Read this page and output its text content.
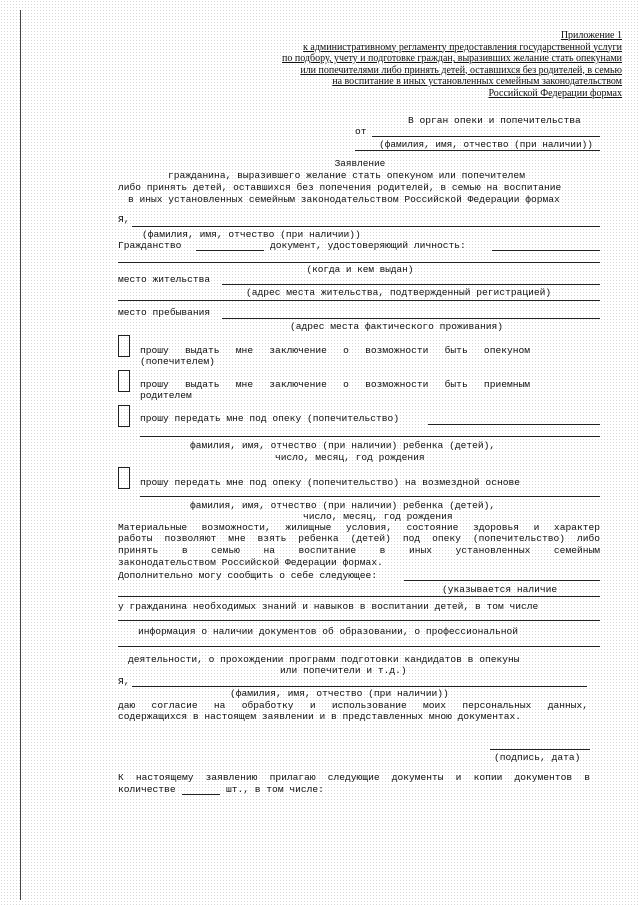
Приложение 1
к административному регламенту предоставления государственной услуги
по подбору, учету и подготовке граждан, выразивших желание стать опекунами
или попечителями либо принять детей, оставшихся без родителей, в семью
на воспитание в иных установленных семейным законодательством
Российской Федерации формах
В орган опеки и попечительства
от
(фамилия, имя, отчество (при наличии))
Заявление
гражданина, выразившего желание стать опекуном или попечителем
либо принять детей, оставшихся без попечения родителей, в семью на воспитание
в иных установленных семейным законодательством Российской Федерации формах
Я,
(фамилия, имя, отчество (при наличии))
Гражданство	документ, удостоверяющий личность:
(когда и кем выдан)
место жительства
(адрес места жительства, подтвержденный регистрацией)
место пребывания
(адрес места фактического проживания)
прошу выдать мне заключение о возможности быть опекуном
(попечителем)
прошу выдать мне заключение о возможности быть приемным
родителем
прошу передать мне под опеку (попечительство)
фамилия, имя, отчество (при наличии) ребенка (детей),
число, месяц, год рождения
прошу передать мне под опеку (попечительство) на возмездной основе
фамилия, имя, отчество (при наличии) ребенка (детей),
число, месяц, год рождения
Материальные возможности, жилищные условия, состояние здоровья и характер
работы позволяют мне взять ребенка (детей) под опеку (попечительство) либо
принять в семью на воспитание в иных установленных семейным
законодательством Российской Федерации формах.
Дополнительно могу сообщить о себе следующее:
(указывается наличие
у гражданина необходимых знаний и навыков в воспитании детей, в том числе
информация о наличии документов об образовании, о профессиональной
деятельности, о прохождении программ подготовки кандидатов в опекуны
или попечители и т.д.)
Я,
(фамилия, имя, отчество (при наличии))
даю согласие на обработку и использование моих персональных данных,
содержащихся в настоящем заявлении и в представленных мною документах.
(подпись, дата)
К настоящему заявлению прилагаю следующие документы и копии документов в
количестве	шт., в том числе:
